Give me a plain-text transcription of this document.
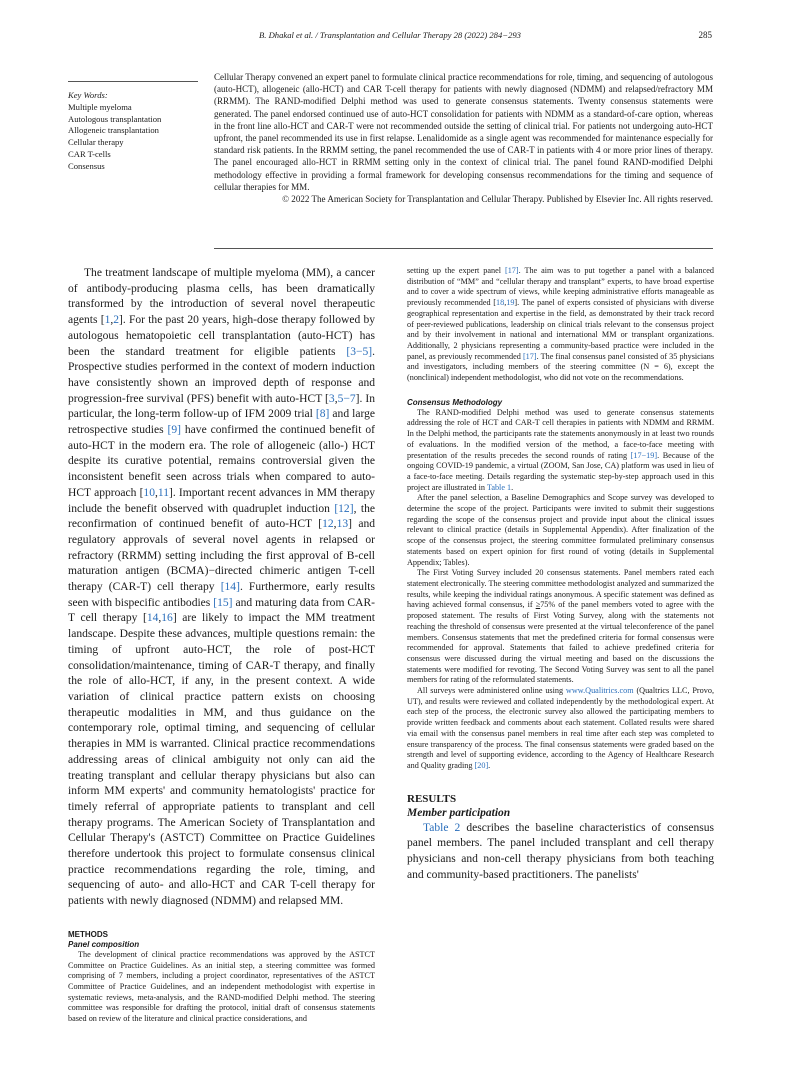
B. Dhakal et al. / Transplantation and Cellular Therapy 28 (2022) 284−293	285
Key Words:
Multiple myeloma
Autologous transplantation
Allogeneic transplantation
Cellular therapy
CAR T-cells
Consensus

Cellular Therapy convened an expert panel to formulate clinical practice recommendations for role, timing, and sequencing of autologous (auto-HCT), allogeneic (allo-HCT) and CAR T-cell therapy for patients with newly diagnosed (NDMM) and relapsed/refractory MM (RRMM). The RAND-modified Delphi method was used to generate consensus statements. Twenty consensus statements were generated. The panel endorsed continued use of auto-HCT consolidation for patients with NDMM as a standard-of-care option, whereas in the front line allo-HCT and CAR-T were not recommended outside the setting of clinical trial. For patients not undergoing auto-HCT upfront, the panel recommended its use in first relapse. Lenalidomide as a single agent was recommended for maintenance especially for standard risk patients. In the RRMM setting, the panel recommended the use of CAR-T in patients with 4 or more prior lines of therapy. The panel encouraged allo-HCT in RRMM setting only in the context of clinical trial. The panel found RAND-modified Delphi methodology effective in providing a formal framework for developing consensus recommendations for the timing and sequence of cellular therapies for MM.

© 2022 The American Society for Transplantation and Cellular Therapy. Published by Elsevier Inc. All rights reserved.

The treatment landscape of multiple myeloma (MM), a cancer of antibody-producing plasma cells, has been dramatically transformed by the introduction of several novel therapeutic agents [1,2]. For the past 20 years, high-dose therapy followed by autologous hematopoietic cell transplantation (auto-HCT) has been the standard treatment for eligible patients [3−5]. Prospective studies performed in the context of modern induction have consistently shown an improved depth of response and progression-free survival (PFS) benefit with auto-HCT [3,5−7]. In particular, the long-term follow-up of IFM 2009 trial [8] and large retrospective studies [9] have confirmed the continued benefit of auto-HCT in the modern era. The role of allogeneic (allo-) HCT despite its curative potential, remains controversial given the inconsistent benefit seen across trials when compared to auto-HCT approach [10,11]. Important recent advances in MM therapy include the benefit observed with quadruplet induction [12], the reconfirmation of continued benefit of auto-HCT [12,13] and regulatory approvals of several novel agents in relapsed or refractory (RRMM) setting including the first approval of B-cell maturation antigen (BCMA)−directed chimeric antigen T-cell therapy (CAR-T) cell therapy [14]. Furthermore, early results seen with bispecific antibodies [15] and maturing data from CAR-T cell therapy [14,16] are likely to impact the MM treatment landscape. Despite these advances, multiple questions remain: the timing of upfront auto-HCT, the role of post-HCT consolidation/maintenance, timing of CAR-T therapy, and finally the role of allo-HCT, if any, in the present context. A wide variation of clinical practice pattern exists on choosing therapeutic modalities in MM, and thus guidance on the contemporary role, optimal timing, and sequencing of cellular therapies in MM is warranted. Clinical practice recommendations addressing areas of clinical ambiguity not only can aid the treating transplant and cellular therapy physicians but also can inform MM experts' and community hematologists' practice for timely referral of appropriate patients to transplant and cell therapy programs. The American Society of Transplantation and Cellular Therapy's (ASTCT) Committee on Practice Guidelines therefore undertook this project to formulate consensus clinical practice recommendations regarding the role, timing, and sequencing of auto- and allo-HCT and CAR T-cell therapy for patients with newly diagnosed (NDMM) and relapsed MM.

METHODS
Panel composition

The development of clinical practice recommendations was approved by the ASTCT Committee on Practice Guidelines. As an initial step, a steering committee was formed comprising of 7 members, including a project coordinator, representatives of the ASTCT Committee of Practice Guidelines, and an independent methodologist with expertise in systematic reviews, meta-analysis, and the RAND-modified Delphi method. The steering committee was responsible for drafting the protocol, initial draft of consensus statements based on review of the literature and clinical practice considerations, and

setting up the expert panel [17]. The aim was to put together a panel with a balanced distribution of “MM” and “cellular therapy and transplant” experts, to have broad expertise and to cover a wide spectrum of views, while keeping administrative efforts manageable as previously recommended [18,19]. The panel of experts consisted of physicians with diverse geographical representation and expertise in the field, as demonstrated by their track record of peer-reviewed publications, leadership on clinical trials relevant to the consensus project and by their involvement in national and international MM or transplant organizations. Additionally, 2 physicians representing a community-based practice were included in the panel, as previously recommended [17]. The final consensus panel consisted of 35 physicians and investigators, including members of the steering committee (N = 6), except the (nonclinical) independent methodologist, who did not vote on the recommendations.

Consensus Methodology

The RAND-modified Delphi method was used to generate consensus statements addressing the role of HCT and CAR-T cell therapies in patients with NDMM and RRMM. In the Delphi method, the participants rate the statements anonymously in at least two rounds of evaluations. In the modified version of the method, a face-to-face meeting with presentation of the results precedes the second rounds of rating [17−19]. Because of the ongoing COVID-19 pandemic, a virtual (ZOOM, San Jose, CA) platform was used in lieu of a face-to-face meeting. Details regarding the systematic step-by-step approach used in this project are illustrated in Table 1.

After the panel selection, a Baseline Demographics and Scope survey was developed to determine the scope of the project. Participants were invited to submit their suggestions regarding the scope of the consensus project and provide input about the clinical issues relevant to clinical practice (details in Supplemental Appendix). After finalization of the scope of the consensus project, the steering committee formulated preliminary consensus statements based on expert opinion for first round of voting (details in Supplemental Appendix; Tables).

The First Voting Survey included 20 consensus statements. Panel members rated each statement electronically. The steering committee methodologist analyzed and summarized the results, while keeping the individual ratings anonymous. A specific statement was defined as having achieved formal consensus, if ≥75% of the panel members voted to agree with the proposed statement. The results of First Voting Survey, along with the statements not reaching the threshold of consensus were presented at the virtual teleconference of the panel members. Consensus statements that met the predefined criteria for formal consensus were recommended for approval. Statements that failed to achieve predefined criteria for consensus were discussed during the virtual meeting and based on the discussions the statements were modified for revoting. The Second Voting Survey was sent to all the panel members for rating of the reformulated statements.

All surveys were administered online using www.Qualitrics.com (Qualtrics LLC, Provo, UT), and results were reviewed and collated independently by the methodological expert. At each step of the process, the electronic survey also allowed the participating members to provide written feedback and comments about each statement. Collated results were shared via email with the consensus panel members in real time after each step was completed to ensure transparency of the process. The final consensus statements were graded based on the strength and level of supporting evidence, according to the Agency of Healthcare Research and Quality grading [20].

RESULTS
Member participation

Table 2 describes the baseline characteristics of consensus panel members. The panel included transplant and cell therapy physicians and non-cell therapy physicians from both teaching and community-based practitioners. The panelists'
